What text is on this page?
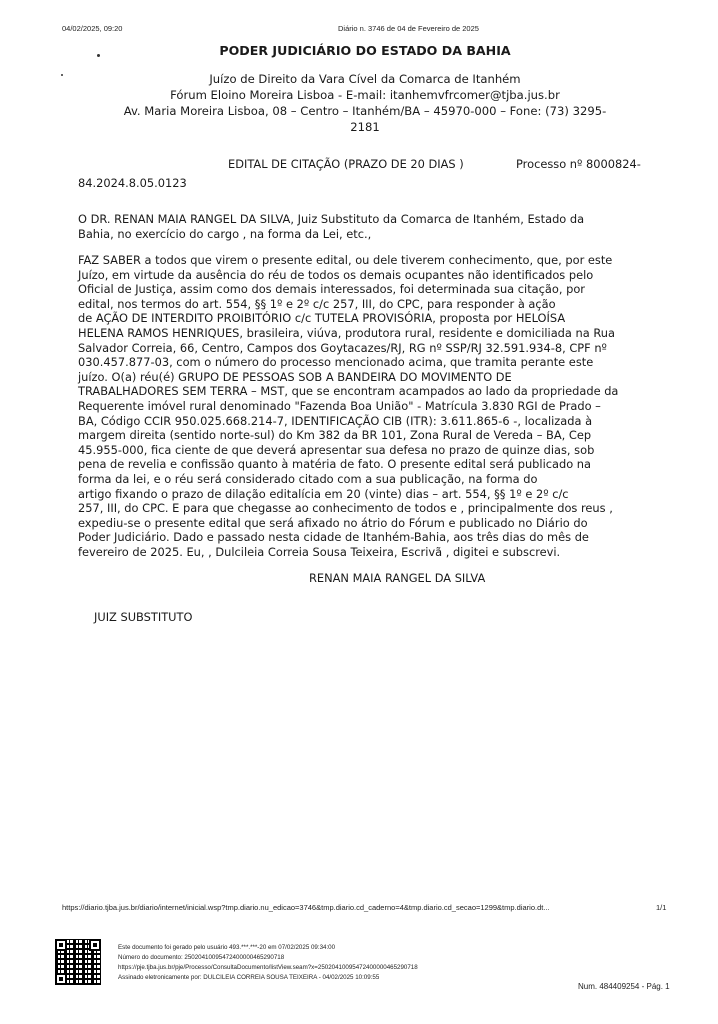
04/02/2025, 09:20	Diário n. 3746 de 04 de Fevereiro de 2025
PODER JUDICIÁRIO DO ESTADO DA BAHIA
Juízo de Direito da Vara Cível da Comarca de Itanhém
Fórum Eloino Moreira Lisboa - E-mail: itanhemvfrcomer@tjba.jus.br
Av. Maria Moreira Lisboa, 08 – Centro – Itanhém/BA – 45970-000 – Fone: (73) 3295-
2181
EDITAL DE CITAÇÃO (PRAZO DE 20 DIAS )	Processo nº 8000824-
84.2024.8.05.0123
O DR. RENAN MAIA RANGEL DA SILVA, Juiz Substituto da Comarca de Itanhém, Estado da
Bahia, no exercício do cargo , na forma da Lei, etc.,
FAZ SABER a todos que virem o presente edital, ou dele tiverem conhecimento, que, por este
Juízo, em virtude da ausência do réu de todos os demais ocupantes não identificados pelo
Oficial de Justiça, assim como dos demais interessados, foi determinada sua citação, por
edital, nos termos do art. 554, §§ 1º e 2º c/c 257, III, do CPC, para responder à ação
de AÇÃO DE INTERDITO PROIBITÓRIO c/c TUTELA PROVISÓRIA, proposta por HELOÍSA
HELENA RAMOS HENRIQUES, brasileira, viúva, produtora rural, residente e domiciliada na Rua
Salvador Correia, 66, Centro, Campos dos Goytacazes/RJ, RG nº SSP/RJ 32.591.934-8, CPF nº
030.457.877-03, com o número do processo mencionado acima, que tramita perante este
juízo. O(a) réu(é) GRUPO DE PESSOAS SOB A BANDEIRA DO MOVIMENTO DE
TRABALHADORES SEM TERRA – MST, que se encontram acampados ao lado da propriedade da
Requerente imóvel rural denominado "Fazenda Boa União" - Matrícula 3.830 RGI de Prado –
BA, Código CCIR 950.025.668.214-7, IDENTIFICAÇÃO CIB (ITR): 3.611.865-6 -, localizada à
margem direita (sentido norte-sul) do Km 382 da BR 101, Zona Rural de Vereda – BA, Cep
45.955-000, fica ciente de que deverá apresentar sua defesa no prazo de quinze dias, sob
pena de revelia e confissão quanto à matéria de fato. O presente edital será publicado na
forma da lei, e o réu será considerado citado com a sua publicação, na forma do
artigo fixando o prazo de dilação editalícia em 20 (vinte) dias – art. 554, §§ 1º e 2º c/c
257, III, do CPC. E para que chegasse ao conhecimento de todos e , principalmente dos reus ,
expediu-se o presente edital que será afixado no átrio do Fórum e publicado no Diário do
Poder Judiciário. Dado e passado nesta cidade de Itanhém-Bahia, aos três dias do mês de
fevereiro de 2025. Eu, , Dulcileia Correia Sousa Teixeira, Escrivã , digitei e subscrevi.
RENAN MAIA RANGEL DA SILVA
JUIZ SUBSTITUTO
https://diario.tjba.jus.br/diario/internet/inicial.wsp?tmp.diario.nu_edicao=3746&tmp.diario.cd_caderno=4&tmp.diario.cd_secao=1299&tmp.diario.dt...	1/1
Este documento foi gerado pelo usuário 493.***.***-20 em 07/02/2025 09:34:00
Número do documento: 25020410095472400000465290718
https://pje.tjba.jus.br/pje/Processo/ConsultaDocumento/listView.seam?x=25020410095472400000465290718
Assinado eletronicamente por: DULCILEIA CORREIA SOUSA TEIXEIRA - 04/02/2025 10:09:55
Num. 484409254 - Pág. 1
